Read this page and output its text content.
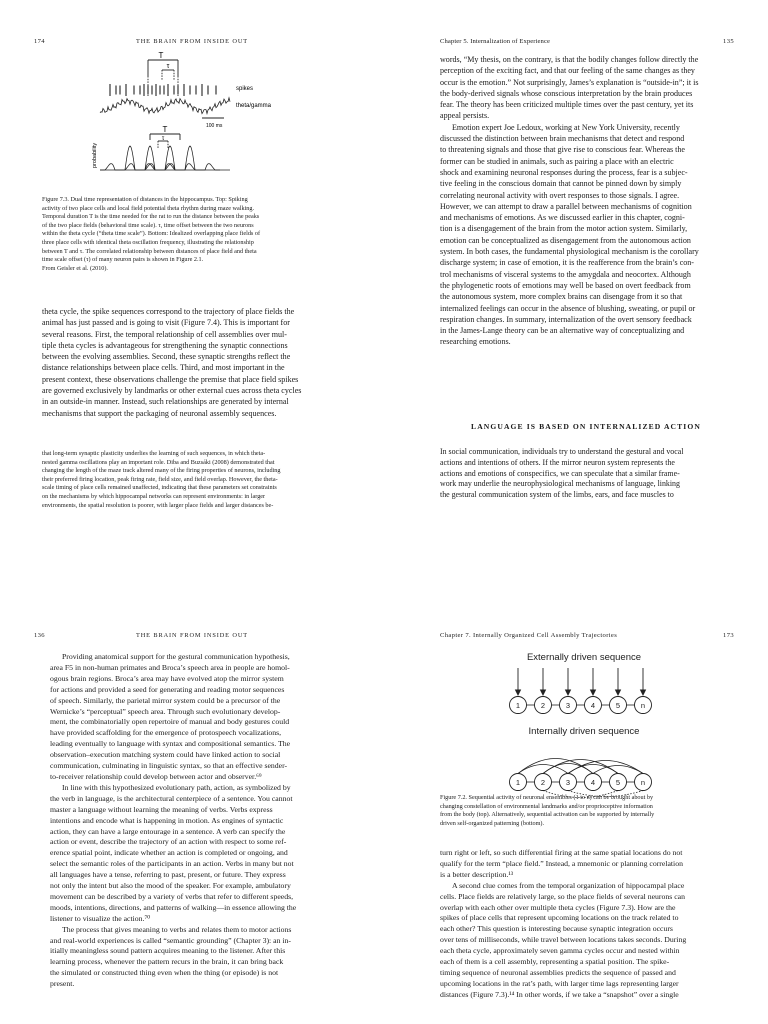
174	THE BRAIN FROM INSIDE OUT
T
τ
spikes
theta/gamma
100 ms
T
τ
probability
Figure 7.3. Dual time representation of distances in the hippocampus. Top: Spiking
activity of two place cells and local field potential theta rhythm during maze walking.
Temporal duration T is the time needed for the rat to run the distance between the peaks
of the two place fields (behavioral time scale). τ, time offset between the two neurons
within the theta cycle (“theta time scale”). Bottom: Idealized overlapping place fields of
three place cells with identical theta oscillation frequency, illustrating the relationship
between T and τ. The correlated relationship between distances of place field and theta
time scale offset (τ) of many neuron pairs is shown in Figure 2.1.
From Geisler et al. (2010).
theta cycle, the spike sequences correspond to the trajectory of place fields the
animal has just passed and is going to visit (Figure 7.4). This is important for
several reasons. First, the temporal relationship of cell assemblies over mul-
tiple theta cycles is advantageous for strengthening the synaptic connections
between the evolving assemblies. Second, these synaptic strengths reflect the
distance relationships between place cells. Third, and most important in the
present context, these observations challenge the premise that place field spikes
are governed exclusively by landmarks or other external cues across theta cycles
in an outside-in manner. Instead, such relationships are generated by internal
mechanisms that support the packaging of neuronal assembly sequences.
that long-term synaptic plasticity underlies the learning of such sequences, in which theta-
nested gamma oscillations play an important role. Diba and Buzsáki (2008) demonstrated that
changing the length of the maze track altered many of the firing properties of neurons, including
their preferred firing location, peak firing rate, field size, and field overlap. However, the theta-
scale timing of place cells remained unaffected, indicating that these parameters set constraints
on the mechanisms by which hippocampal networks can represent environments: in larger
environments, the spatial resolution is poorer, with larger place fields and larger distances be-
Chapter 5. Internalization of Experience	135
words, “My thesis, on the contrary, is that the bodily changes follow directly the
perception of the exciting fact, and that our feeling of the same changes as they
occur is the emotion.” Not surprisingly, James’s explanation is “outside-in”; it is
the body-derived signals whose conscious interpretation by the brain produces
fear. The theory has been criticized multiple times over the past century, yet its
appeal persists.
Emotion expert Joe Ledoux, working at New York University, recently
discussed the distinction between brain mechanisms that detect and respond
to threatening signals and those that give rise to conscious fear. Whereas the
former can be studied in animals, such as pairing a place with an electric
shock and examining neuronal responses during the process, fear is a subjec-
tive feeling in the conscious domain that cannot be pinned down by simply
correlating neuronal activity with overt responses to those signals. I agree.
However, we can attempt to draw a parallel between mechanisms of cognition
and mechanisms of emotions. As we discussed earlier in this chapter, cogni-
tion is a disengagement of the brain from the motor action system. Similarly,
emotion can be conceptualized as disengagement from the autonomous action
system. In both cases, the fundamental physiological mechanism is the corollary
discharge system; in case of emotion, it is the reafference from the brain’s con-
trol mechanisms of visceral systems to the amygdala and neocortex. Although
the phylogenetic roots of emotions may well be based on overt feedback from
the autonomous system, more complex brains can disengage from it so that
internalized feelings can occur in the absence of blushing, sweating, or pupil or
respiration changes. In summary, internalization of the overt sensory feedback
in the James-Lange theory can be an alternative way of conceptualizing and
researching emotions.
LANGUAGE IS BASED ON INTERNALIZED ACTION
In social communication, individuals try to understand the gestural and vocal
actions and intentions of others. If the mirror neuron system represents the
actions and emotions of conspecifics, we can speculate that a similar frame-
work may underlie the neurophysiological mechanisms of language, linking
the gestural communication system of the limbs, ears, and face muscles to
136	THE BRAIN FROM INSIDE OUT
Providing anatomical support for the gestural communication hypothesis,
area F5 in non-human primates and Broca’s speech area in people are homol-
ogous brain regions. Broca’s area may have evolved atop the mirror system
for actions and provided a seed for generating and reading motor sequences
of speech. Similarly, the parietal mirror system could be a precursor of the
Wernicke’s “perceptual” speech area. Through such evolutionary develop-
ment, the combinatorially open repertoire of manual and body gestures could
have provided scaffolding for the emergence of protospeech vocalizations,
leading eventually to language with syntax and compositional semantics. The
observation–execution matching system could have linked action to social
communication, culminating in linguistic syntax, so that an effective sender-
to-receiver relationship could develop between actor and observer.⁶⁹
In line with this hypothesized evolutionary path, action, as symbolized by
the verb in language, is the architectural centerpiece of a sentence. You cannot
master a language without learning the meaning of verbs. Verbs express
intentions and encode what is happening in motion. As engines of syntactic
action, they can have a large entourage in a sentence. A verb can specify the
action or event, describe the trajectory of an action with respect to some ref-
erence spatial point, indicate whether an action is completed or ongoing, and
select the semantic roles of the participants in an action. Verbs in many but not
all languages have a tense, referring to past, present, or future. They express
not only the intent but also the mood of the speaker. For example, ambulatory
movement can be described by a variety of verbs that refer to different speeds,
moods, intentions, directions, and patterns of walking—in essence allowing the
listener to visualize the action.⁷⁰
The process that gives meaning to verbs and relates them to motor actions
and real-world experiences is called “semantic grounding” (Chapter 3): an in-
itially meaningless sound pattern acquires meaning to the listener. After this
learning process, whenever the pattern recurs in the brain, it can bring back
the simulated or constructed thing even when the thing (or episode) is not
present.
Chapter 7. Internally Organized Cell Assembly Trajectories	173
Externally driven sequence
1	2	3	4	5	n
Internally driven sequence
1	2	3	4	5	n
Figure 7.2. Sequential activity of neuronal ensembles (1 to n) can be brought about by
changing constellation of environmental landmarks and/or proprioceptive information
from the body (top). Alternatively, sequential activation can be supported by internally
driven self-organized patterning (bottom).
turn right or left, so such differential firing at the same spatial locations do not
qualify for the term “place field.” Instead, a mnemonic or planning correlation
is a better description.¹³
A second clue comes from the temporal organization of hippocampal place
cells. Place fields are relatively large, so the place fields of several neurons can
overlap with each other over multiple theta cycles (Figure 7.3). How are the
spikes of place cells that represent upcoming locations on the track related to
each other? This question is interesting because synaptic integration occurs
over tens of milliseconds, while travel between locations takes seconds. During
each theta cycle, approximately seven gamma cycles occur and nested within
each of them is a cell assembly, representing a spatial position. The spike-
timing sequence of neuronal assemblies predicts the sequence of passed and
upcoming locations in the rat’s path, with larger time lags representing larger
distances (Figure 7.3).¹⁴ In other words, if we take a “snapshot” over a single
